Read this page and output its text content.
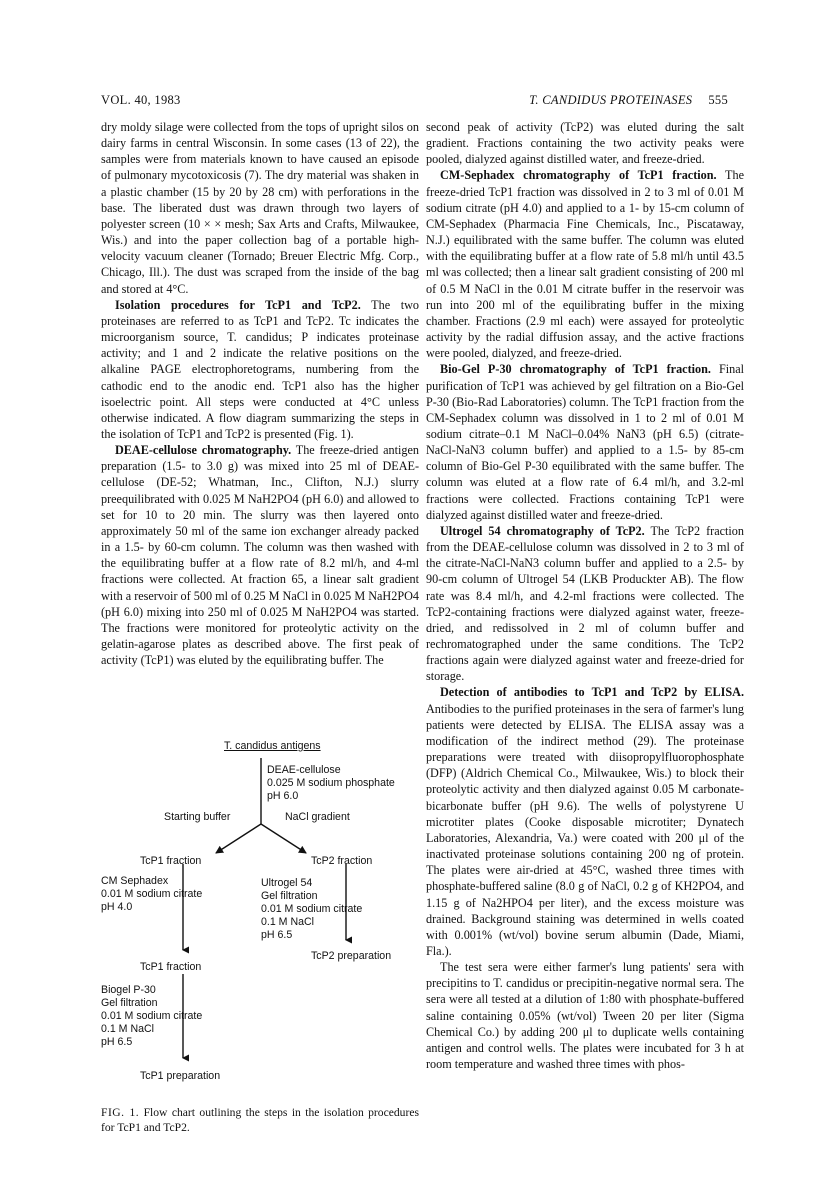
VOL. 40, 1983	T. CANDIDUS PROTEINASES 555

dry moldy silage were collected from the tops of upright silos on dairy farms in central Wisconsin. In some cases (13 of 22), the samples were from materials known to have caused an episode of pulmonary mycotoxicosis (7). The dry material was shaken in a plastic chamber (15 by 20 by 28 cm) with perforations in the base. The liberated dust was drawn through two layers of polyester screen (10 × × mesh; Sax Arts and Crafts, Milwaukee, Wis.) and into the paper collection bag of a portable high-velocity vacuum cleaner (Tornado; Breuer Electric Mfg. Corp., Chicago, Ill.). The dust was scraped from the inside of the bag and stored at 4°C.

Isolation procedures for TcP1 and TcP2. The two proteinases are referred to as TcP1 and TcP2. Tc indicates the microorganism source, T. candidus; P indicates proteinase activity; and 1 and 2 indicate the relative positions on the alkaline PAGE electrophoretograms, numbering from the cathodic end to the anodic end. TcP1 also has the higher isoelectric point. All steps were conducted at 4°C unless otherwise indicated. A flow diagram summarizing the steps in the isolation of TcP1 and TcP2 is presented (Fig. 1).

DEAE-cellulose chromatography. The freeze-dried antigen preparation (1.5- to 3.0 g) was mixed into 25 ml of DEAE-cellulose (DE-52; Whatman, Inc., Clifton, N.J.) slurry preequilibrated with 0.025 M NaH2PO4 (pH 6.0) and allowed to set for 10 to 20 min. The slurry was then layered onto approximately 50 ml of the same ion exchanger already packed in a 1.5- by 60-cm column. The column was then washed with the equilibrating buffer at a flow rate of 8.2 ml/h, and 4-ml fractions were collected. At fraction 65, a linear salt gradient with a reservoir of 500 ml of 0.25 M NaCl in 0.025 M NaH2PO4 (pH 6.0) mixing into 250 ml of 0.025 M NaH2PO4 was started. The fractions were monitored for proteolytic activity on the gelatin-agarose plates as described above. The first peak of activity (TcP1) was eluted by the equilibrating buffer. The

T. candidus antigens
DEAE-cellulose
0.025 M sodium phosphate
pH 6.0
Starting buffer	NaCl gradient
TcP1 fraction	TcP2 fraction
CM Sephadex
0.01 M sodium citrate
pH 4.0
Ultrogel 54
Gel filtration
0.01 M sodium citrate
0.1 M NaCl
pH 6.5
TcP1 fraction
TcP2 preparation
Biogel P-30
Gel filtration
0.01 M sodium citrate
0.1 M NaCl
pH 6.5
TcP1 preparation
FIG. 1. Flow chart outlining the steps in the isolation procedures for TcP1 and TcP2.

second peak of activity (TcP2) was eluted during the salt gradient. Fractions containing the two activity peaks were pooled, dialyzed against distilled water, and freeze-dried.

CM-Sephadex chromatography of TcP1 fraction. The freeze-dried TcP1 fraction was dissolved in 2 to 3 ml of 0.01 M sodium citrate (pH 4.0) and applied to a 1- by 15-cm column of CM-Sephadex (Pharmacia Fine Chemicals, Inc., Piscataway, N.J.) equilibrated with the same buffer. The column was eluted with the equilibrating buffer at a flow rate of 5.8 ml/h until 43.5 ml was collected; then a linear salt gradient consisting of 200 ml of 0.5 M NaCl in the 0.01 M citrate buffer in the reservoir was run into 200 ml of the equilibrating buffer in the mixing chamber. Fractions (2.9 ml each) were assayed for proteolytic activity by the radial diffusion assay, and the active fractions were pooled, dialyzed, and freeze-dried.

Bio-Gel P-30 chromatography of TcP1 fraction. Final purification of TcP1 was achieved by gel filtration on a Bio-Gel P-30 (Bio-Rad Laboratories) column. The TcP1 fraction from the CM-Sephadex column was dissolved in 1 to 2 ml of 0.01 M sodium citrate–0.1 M NaCl–0.04% NaN3 (pH 6.5) (citrate-NaCl-NaN3 column buffer) and applied to a 1.5- by 85-cm column of Bio-Gel P-30 equilibrated with the same buffer. The column was eluted at a flow rate of 6.4 ml/h, and 3.2-ml fractions were collected. Fractions containing TcP1 were dialyzed against distilled water and freeze-dried.

Ultrogel 54 chromatography of TcP2. The TcP2 fraction from the DEAE-cellulose column was dissolved in 2 to 3 ml of the citrate-NaCl-NaN3 column buffer and applied to a 2.5- by 90-cm column of Ultrogel 54 (LKB Produckter AB). The flow rate was 8.4 ml/h, and 4.2-ml fractions were collected. The TcP2-containing fractions were dialyzed against water, freeze-dried, and redissolved in 2 ml of column buffer and rechromatographed under the same conditions. The TcP2 fractions again were dialyzed against water and freeze-dried for storage.

Detection of antibodies to TcP1 and TcP2 by ELISA. Antibodies to the purified proteinases in the sera of farmer's lung patients were detected by ELISA. The ELISA assay was a modification of the indirect method (29). The proteinase preparations were treated with diisopropylfluorophosphate (DFP) (Aldrich Chemical Co., Milwaukee, Wis.) to block their proteolytic activity and then dialyzed against 0.05 M carbonate-bicarbonate buffer (pH 9.6). The wells of polystyrene U microtiter plates (Cooke disposable microtiter; Dynatech Laboratories, Alexandria, Va.) were coated with 200 μl of the inactivated proteinase solutions containing 200 ng of protein. The plates were air-dried at 45°C, washed three times with phosphate-buffered saline (8.0 g of NaCl, 0.2 g of KH2PO4, and 1.15 g of Na2HPO4 per liter), and the excess moisture was drained. Background staining was determined in wells coated with 0.001% (wt/vol) bovine serum albumin (Dade, Miami, Fla.).

The test sera were either farmer's lung patients' sera with precipitins to T. candidus or precipitin-negative normal sera. The sera were all tested at a dilution of 1:80 with phosphate-buffered saline containing 0.05% (wt/vol) Tween 20 per liter (Sigma Chemical Co.) by adding 200 μl to duplicate wells containing antigen and control wells. The plates were incubated for 3 h at room temperature and washed three times with phos-
